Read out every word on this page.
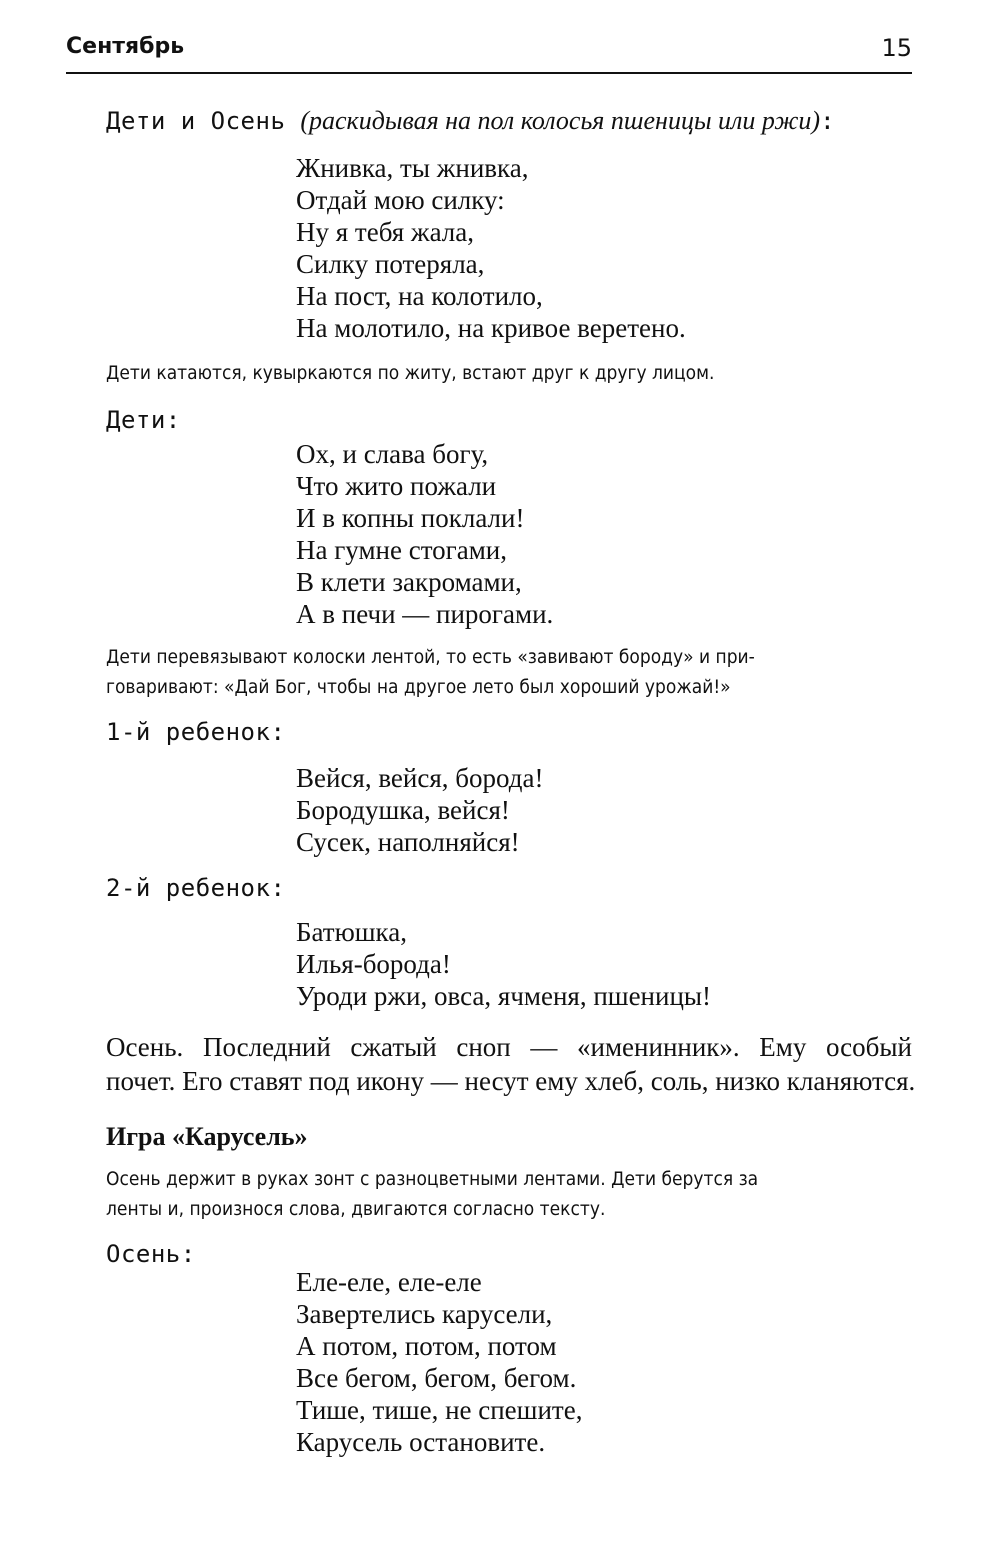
Сентябрь	15

Дети и Осень (раскидывая на пол колосья пшеницы или ржи):

Жнивка, ты жнивка,
Отдай мою силку:
Ну я тебя жала,
Силку потеряла,
На пост, на колотило,
На молотило, на кривое веретено.

Дети катаются, кувыркаются по житу, встают друг к другу лицом.

Дети:

Ох, и слава богу,
Что жито пожали
И в копны поклали!
На гумне стогами,
В клети закромами,
А в печи — пирогами.
Дети перевязывают колоски лентой, то есть «завивают бороду» и при-
говаривают: «Дай Бог, чтобы на другое лето был хороший урожай!»

1-й ребенок:

Вейся, вейся, борода!
Бородушка, вейся!
Сусек, наполняйся!

2-й ребенок:

Батюшка,
Илья-борода!
Уроди ржи, овса, ячменя, пшеницы!
Осень. Последний сжатый сноп — «именинник». Ему особый
почет. Его ставят под икону — несут ему хлеб, соль, низко кланяются.

Игра «Карусель»

Осень держит в руках зонт с разноцветными лентами. Дети берутся за
ленты и, произнося слова, двигаются согласно тексту.

Осень:

Еле-еле, еле-еле
Завертелись карусели,
А потом, потом, потом
Все бегом, бегом, бегом.
Тише, тише, не спешите,
Карусель остановите.
